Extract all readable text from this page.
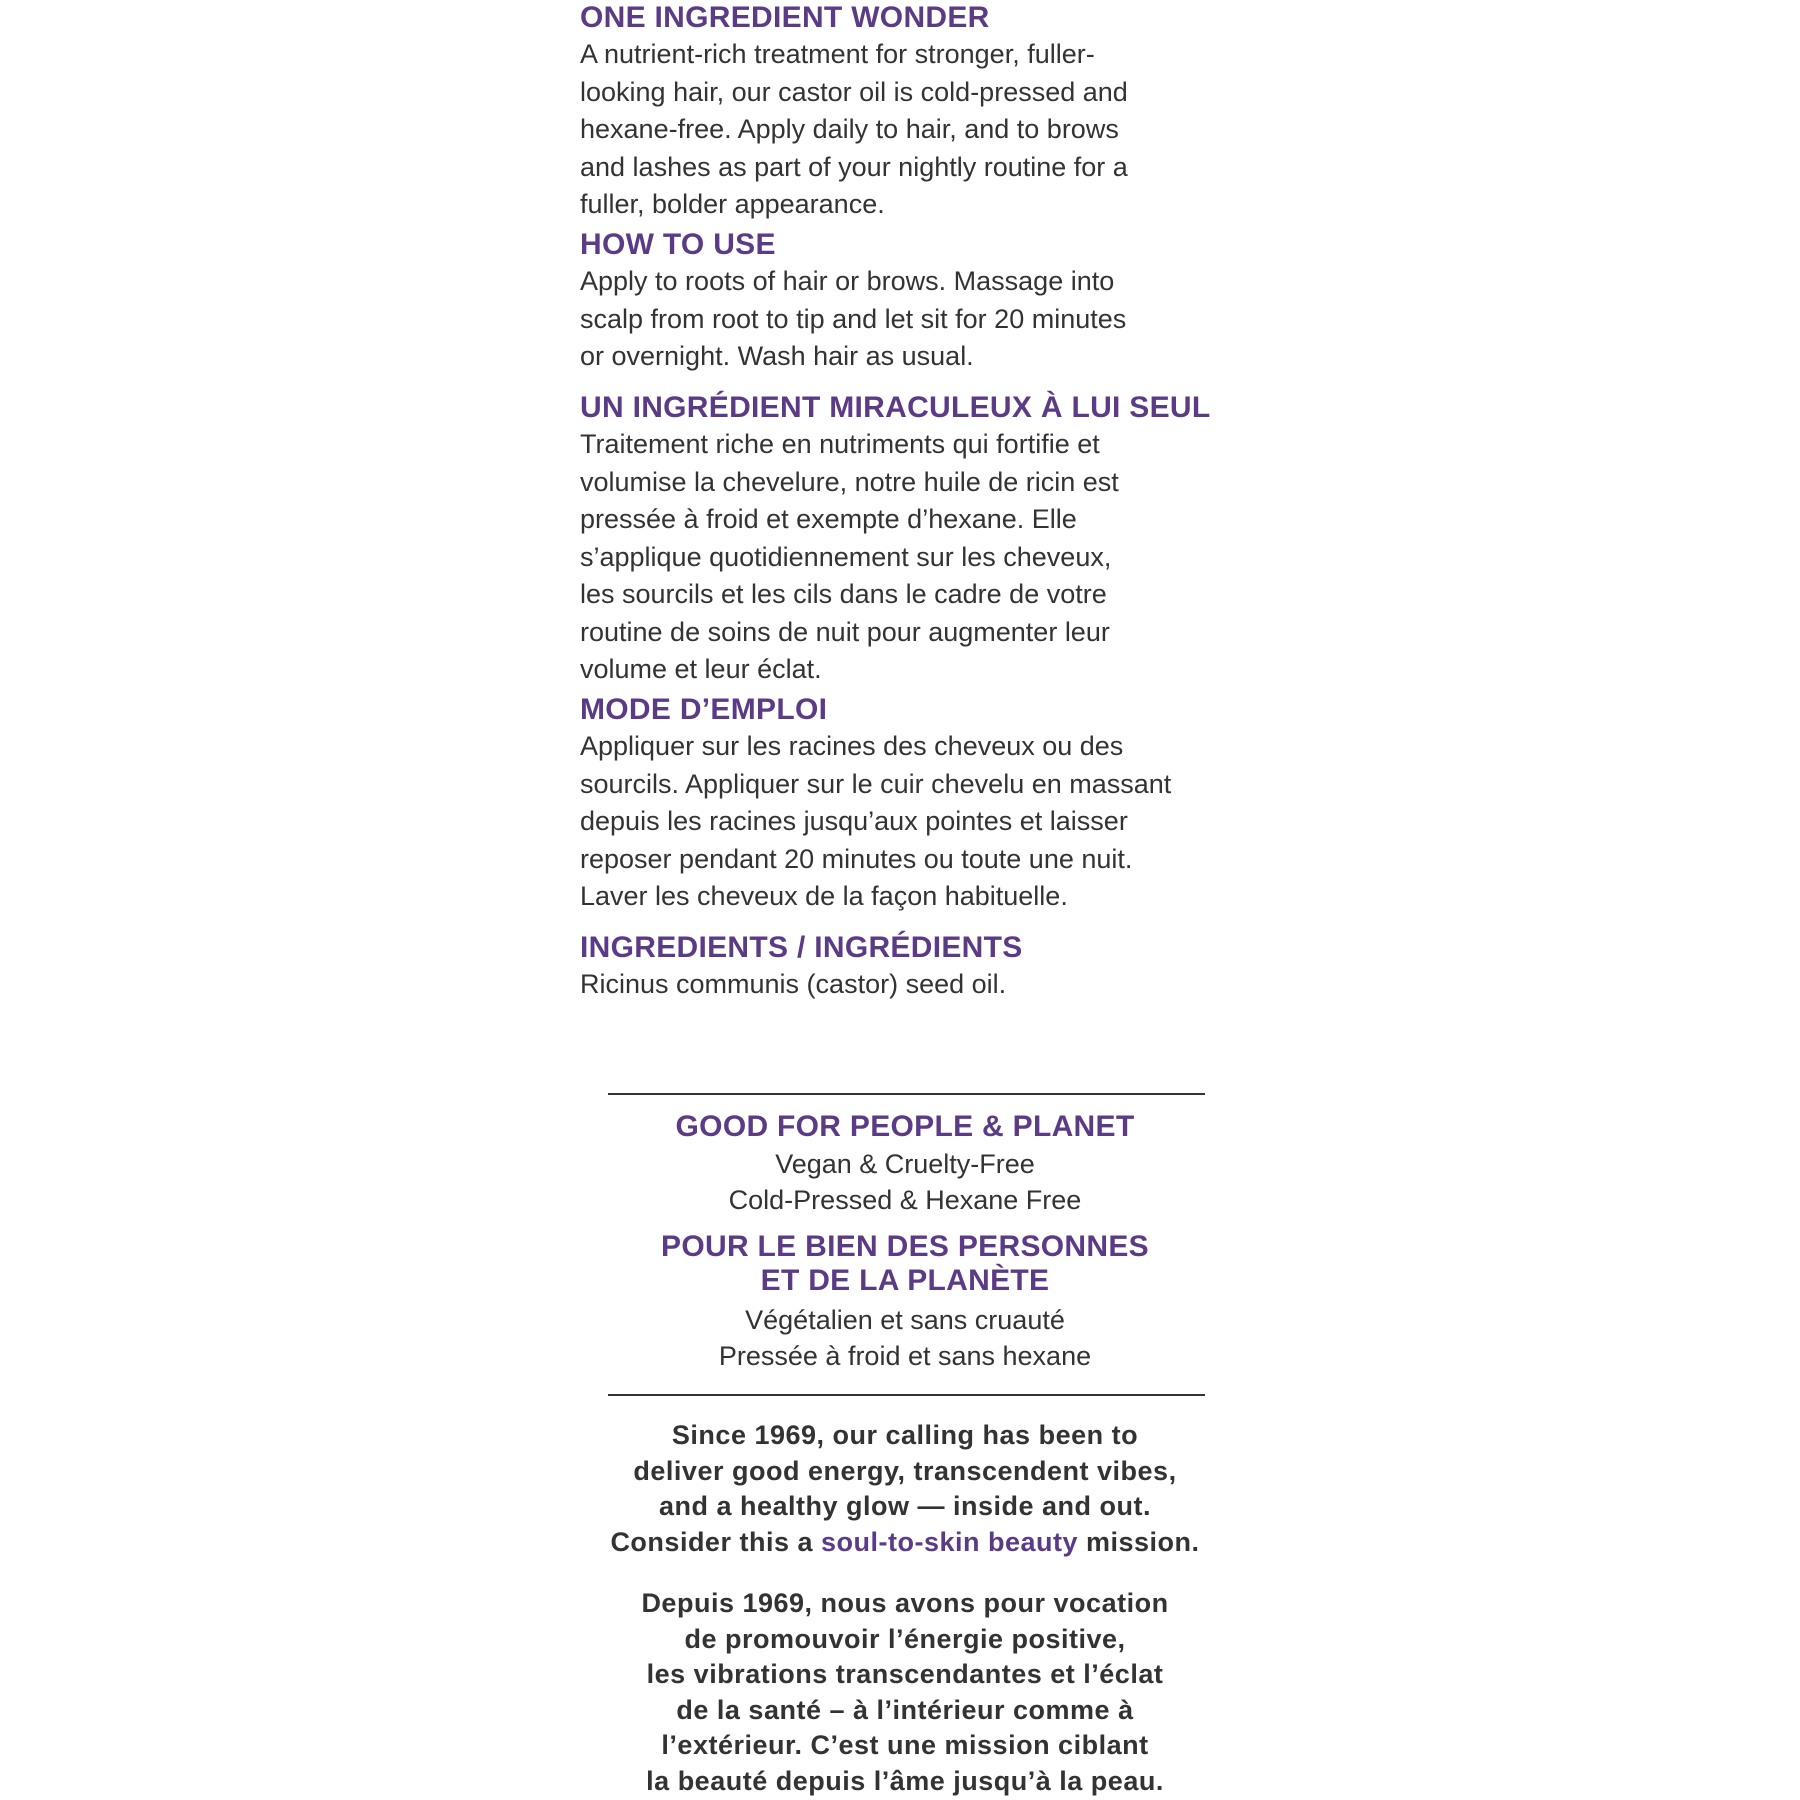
ONE INGREDIENT WONDER

A nutrient-rich treatment for stronger, fuller-
looking hair, our castor oil is cold-pressed and
hexane-free. Apply daily to hair, and to brows
and lashes as part of your nightly routine for a
fuller, bolder appearance.

HOW TO USE

Apply to roots of hair or brows. Massage into
scalp from root to tip and let sit for 20 minutes
or overnight. Wash hair as usual.

UN INGRÉDIENT MIRACULEUX À LUI SEUL

Traitement riche en nutriments qui fortifie et
volumise la chevelure, notre huile de ricin est
pressée à froid et exempte d’hexane. Elle
s’applique quotidiennement sur les cheveux,
les sourcils et les cils dans le cadre de votre
routine de soins de nuit pour augmenter leur
volume et leur éclat.

MODE D’EMPLOI

Appliquer sur les racines des cheveux ou des
sourcils. Appliquer sur le cuir chevelu en massant
depuis les racines jusqu’aux pointes et laisser
reposer pendant 20 minutes ou toute une nuit.
Laver les cheveux de la façon habituelle.

INGREDIENTS / INGRÉDIENTS

Ricinus communis (castor) seed oil.

GOOD FOR PEOPLE & PLANET
Vegan & Cruelty-Free
Cold-Pressed & Hexane Free
POUR LE BIEN DES PERSONNES
ET DE LA PLANÈTE
Végétalien et sans cruauté
Pressée à froid et sans hexane
Since 1969, our calling has been to
deliver good energy, transcendent vibes,
and a healthy glow — inside and out.
Consider this a soul-to-skin beauty mission.
Depuis 1969, nous avons pour vocation
de promouvoir l’énergie positive,
les vibrations transcendantes et l’éclat
de la santé – à l’intérieur comme à
l’extérieur. C’est une mission ciblant
la beauté depuis l’âme jusqu’à la peau.
